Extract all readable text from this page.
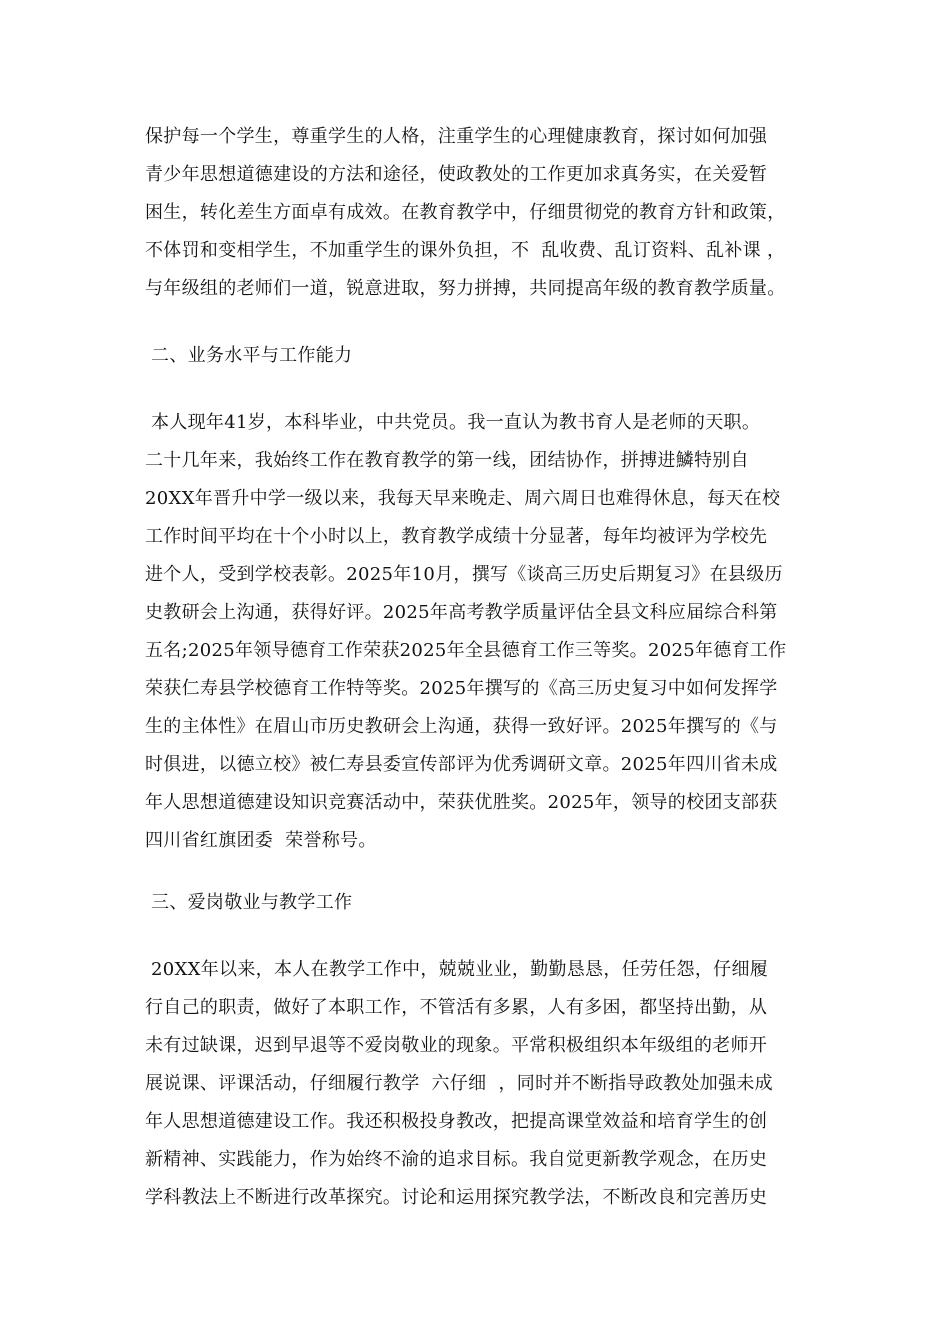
保护每一个学生，尊重学生的人格，注重学生的心理健康教育，探讨如何加强
青少年思想道德建设的方法和途径，使政教处的工作更加求真务实，在关爱暂
困生，转化差生方面卓有成效。在教育教学中，仔细贯彻党的教育方针和政策，
不体罚和变相学生，不加重学生的课外负担，不  乱收费、乱订资料、乱补课 ，
与年级组的老师们一道，锐意进取，努力拼搏，共同提高年级的教育教学质量。
二、业务水平与工作能力
本人现年41岁，本科毕业，中共党员。我一直认为教书育人是老师的天职。
二十几年来，我始终工作在教育教学的第一线，团结协作，拼搏进鱗特别自
20XX年晋升中学一级以来，我每天早来晚走、周六周日也难得休息，每天在校
工作时间平均在十个小时以上，教育教学成绩十分显著，每年均被评为学校先
进个人，受到学校表彰。2025年10月，撰写《谈高三历史后期复习》在县级历
史教研会上沟通，获得好评。2025年高考教学质量评估全县文科应届综合科第
五名;2025年领导德育工作荣获2025年全县德育工作三等奖。2025年德育工作
荣获仁寿县学校德育工作特等奖。2025年撰写的《高三历史复习中如何发挥学
生的主体性》在眉山市历史教研会上沟通，获得一致好评。2025年撰写的《与
时俱进，以德立校》被仁寿县委宣传部评为优秀调研文章。2025年四川省未成
年人思想道德建设知识竞赛活动中，荣获优胜奖。2025年，领导的校团支部获
四川省红旗团委  荣誉称号。
三、爱岗敬业与教学工作
20XX年以来，本人在教学工作中，兢兢业业，勤勤恳恳，任劳任怨，仔细履
行自己的职责，做好了本职工作，不管活有多累，人有多困，都坚持出勤，从
未有过缺课，迟到早退等不爱岗敬业的现象。平常积极组织本年级组的老师开
展说课、评课活动，仔细履行教学  六仔细  ，同时并不断指导政教处加强未成
年人思想道德建设工作。我还积极投身教改，把提高课堂效益和培育学生的创
新精神、实践能力，作为始终不渝的追求目标。我自觉更新教学观念，在历史
学科教法上不断进行改革探究。讨论和运用探究教学法，不断改良和完善历史
